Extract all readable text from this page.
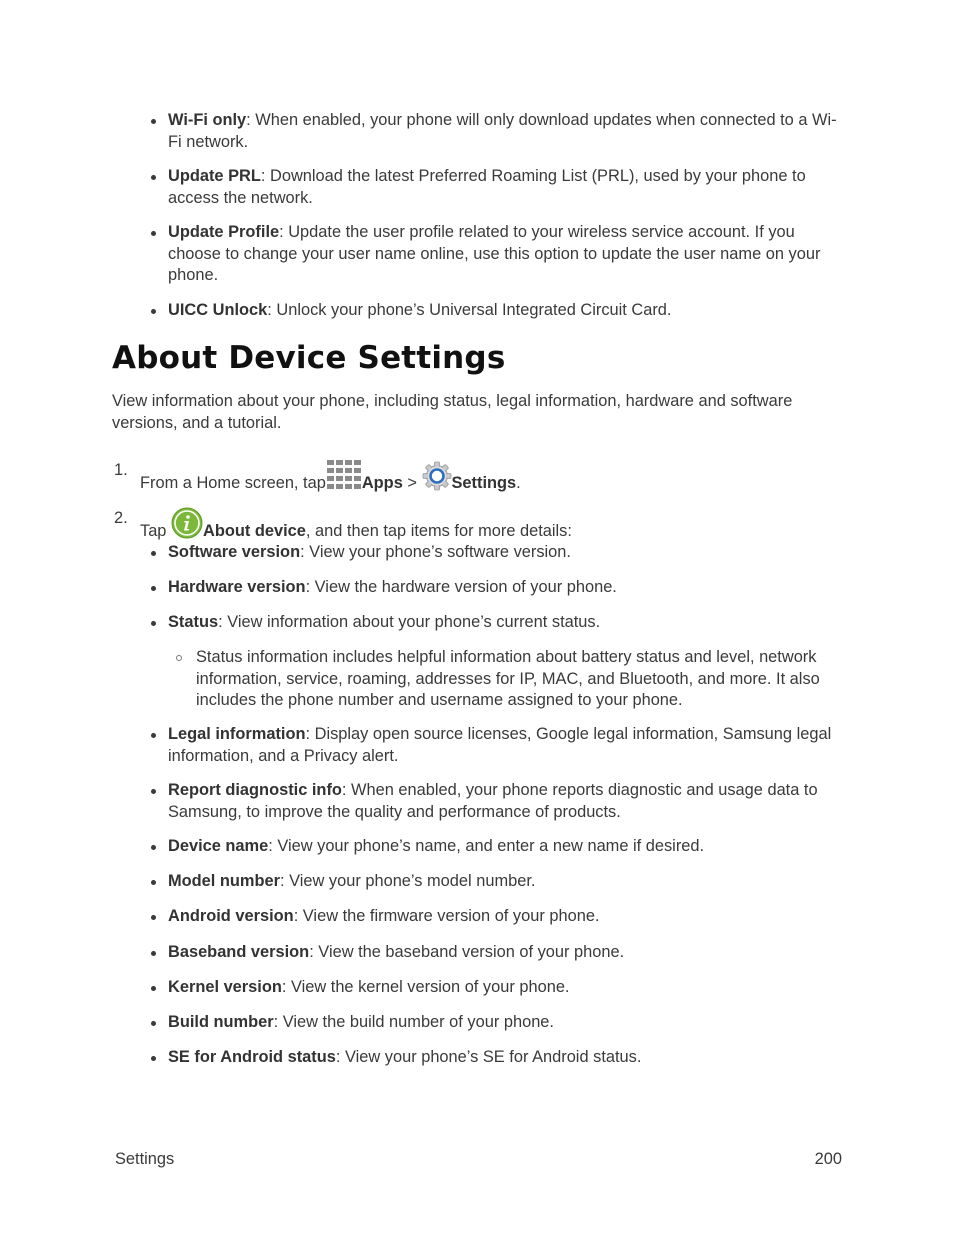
Wi-Fi only: When enabled, your phone will only download updates when connected to a Wi-Fi network.
Update PRL: Download the latest Preferred Roaming List (PRL), used by your phone to access the network.
Update Profile: Update the user profile related to your wireless service account. If you choose to change your user name online, use this option to update the user name on your phone.
UICC Unlock: Unlock your phone’s Universal Integrated Circuit Card.
About Device Settings
View information about your phone, including status, legal information, hardware and software versions, and a tutorial.
1.
From a Home screen, tap Apps > Settings.
2.
Tap About device, and then tap items for more details:
Software version: View your phone’s software version.
Hardware version: View the hardware version of your phone.
Status: View information about your phone’s current status.
Status information includes helpful information about battery status and level, network information, service, roaming, addresses for IP, MAC, and Bluetooth, and more. It also includes the phone number and username assigned to your phone.
Legal information: Display open source licenses, Google legal information, Samsung legal information, and a Privacy alert.
Report diagnostic info: When enabled, your phone reports diagnostic and usage data to Samsung, to improve the quality and performance of products.
Device name: View your phone’s name, and enter a new name if desired.
Model number: View your phone’s model number.
Android version: View the firmware version of your phone.
Baseband version: View the baseband version of your phone.
Kernel version: View the kernel version of your phone.
Build number: View the build number of your phone.
SE for Android status: View your phone’s SE for Android status.
Settings	200
